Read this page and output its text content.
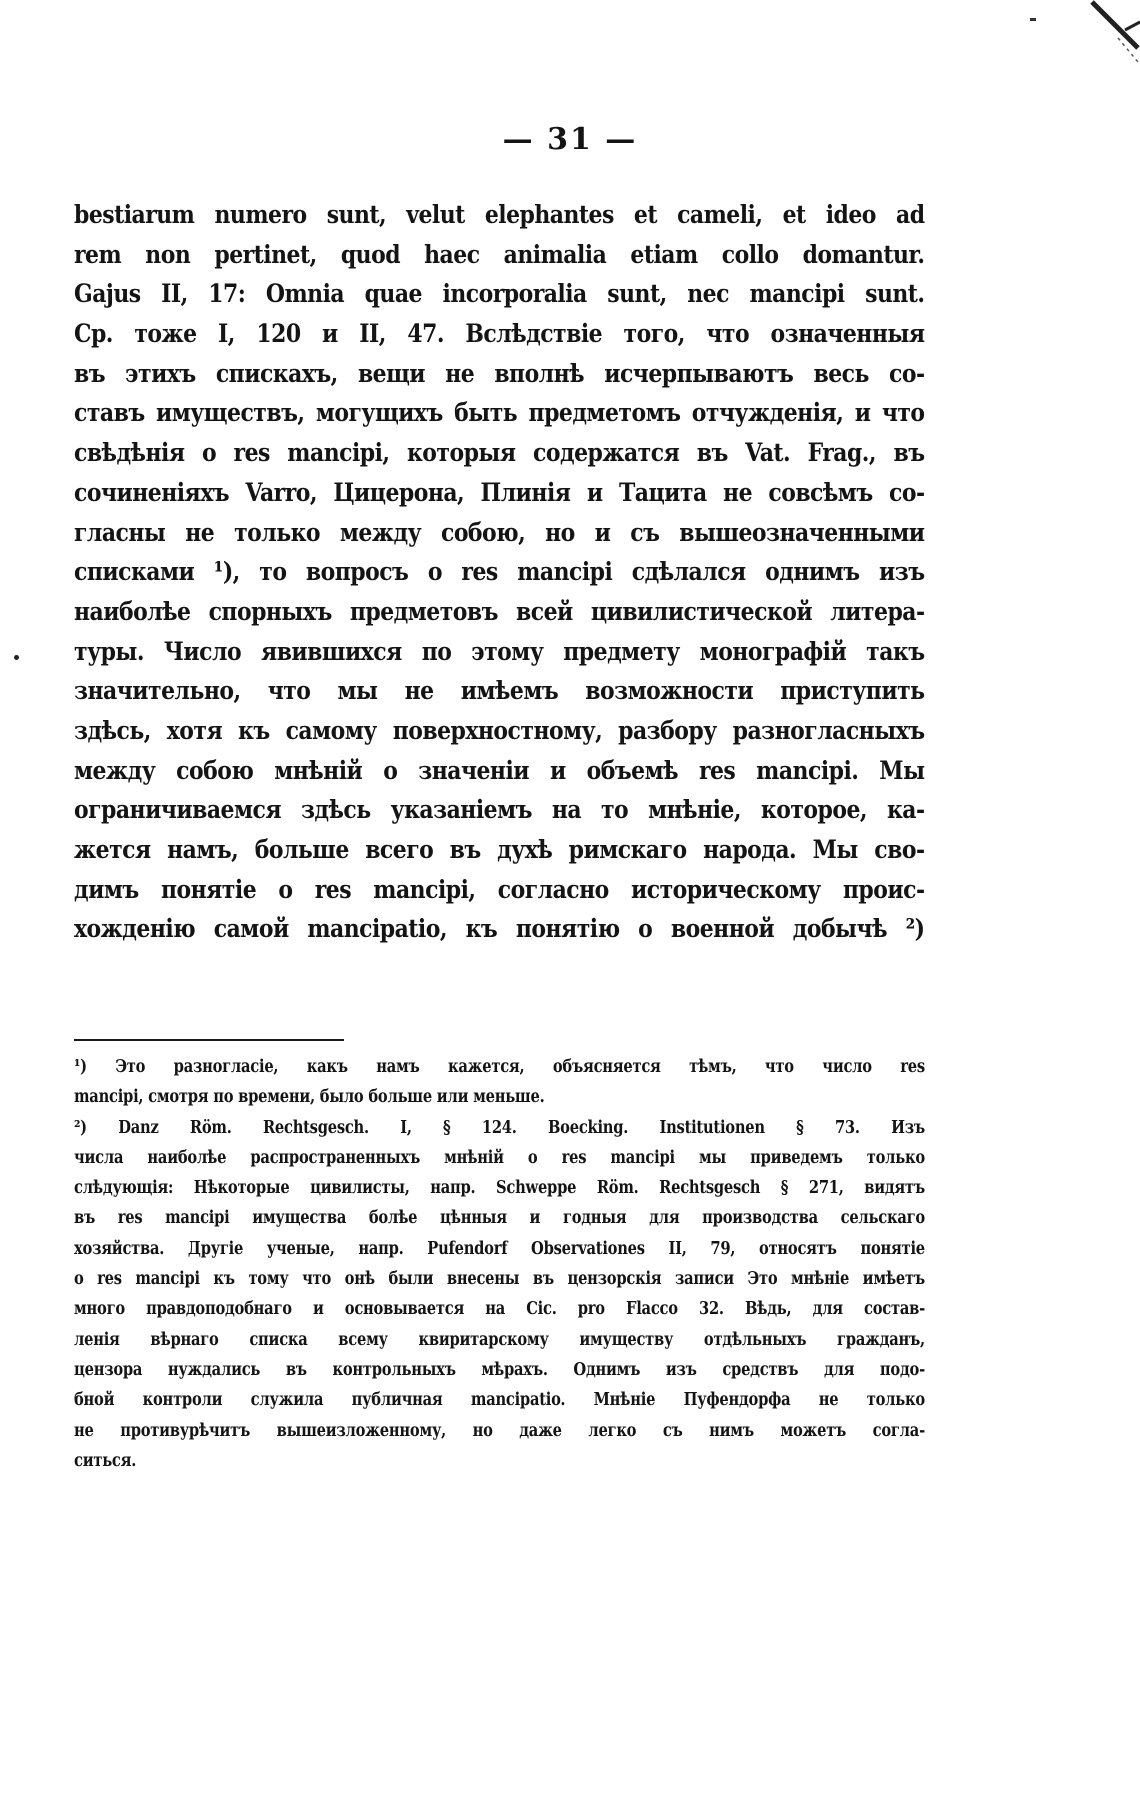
— 31 —
bestiarum numero sunt, velut elephantes et cameli, et ideo ad
rem non pertinet, quod haec animalia etiam collo domantur.
Gajus II, 17: Omnia quae incorporalia sunt, nec mancipi sunt.
Ср. тоже I, 120 и II, 47. Вслѣдствіе того, что означенныя
въ этихъ спискахъ, вещи не вполнѣ исчерпываютъ весь со-
ставъ имуществъ, могущихъ быть предметомъ отчужденія, и что
свѣдѣнія о res mancipi, которыя содержатся въ Vat. Frag., въ
сочиненіяхъ Varro, Цицерона, Плинія и Тацита не совсѣмъ со-
гласны не только между собою, но и съ вышеозначенными
списками ¹), то вопросъ о res mancipi сдѣлался однимъ изъ
наиболѣе спорныхъ предметовъ всей цивилистической литера-
туры. Число явившихся по этому предмету монографій такъ
значительно, что мы не имѣемъ возможности приступить
здѣсь, хотя къ самому поверхностному, разбору разногласныхъ
между собою мнѣній о значеніи и объемѣ res mancipi. Мы
ограничиваемся здѣсь указаніемъ на то мнѣніе, которое, ка-
жется намъ, больше всего въ духѣ римскаго народа. Мы сво-
димъ понятіе о res mancipi, согласно историческому проис-
хожденію самой mancipatio, къ понятію о военной добычѣ ²)
¹) Это разногласіе, какъ намъ кажется, объясняется тѣмъ, что число res
mancipi, смотря по времени, было больше или меньше.
²) Danz Röm. Rechtsgesch. I, § 124. Boecking. Institutionen § 73. Изъ
числа наиболѣе распространенныхъ мнѣній о res mancipi мы приведемъ только
слѣдующія: Нѣкоторые цивилисты, напр. Schweppe Röm. Rechtsgesch § 271, видятъ
въ res mancipi имущества болѣе цѣнныя и годныя для производства сельскаго
хозяйства. Другіе ученые, напр. Pufendorf Observationes II, 79, относятъ понятіе
о res mancipi къ тому что онѣ были внесены въ цензорскія записи Это мнѣніе имѣетъ
много правдоподобнаго и основывается на Cic. pro Flacco 32. Вѣдь, для состав-
ленія вѣрнаго списка всему квиритарскому имуществу отдѣльныхъ гражданъ,
цензора нуждались въ контрольныхъ мѣрахъ. Однимъ изъ средствъ для подо-
бной контроли служила публичная mancipatio. Мнѣніе Пуфендорфа не только
не противурѣчитъ вышеизложенному, но даже легко съ нимъ можетъ согла-
ситься.
